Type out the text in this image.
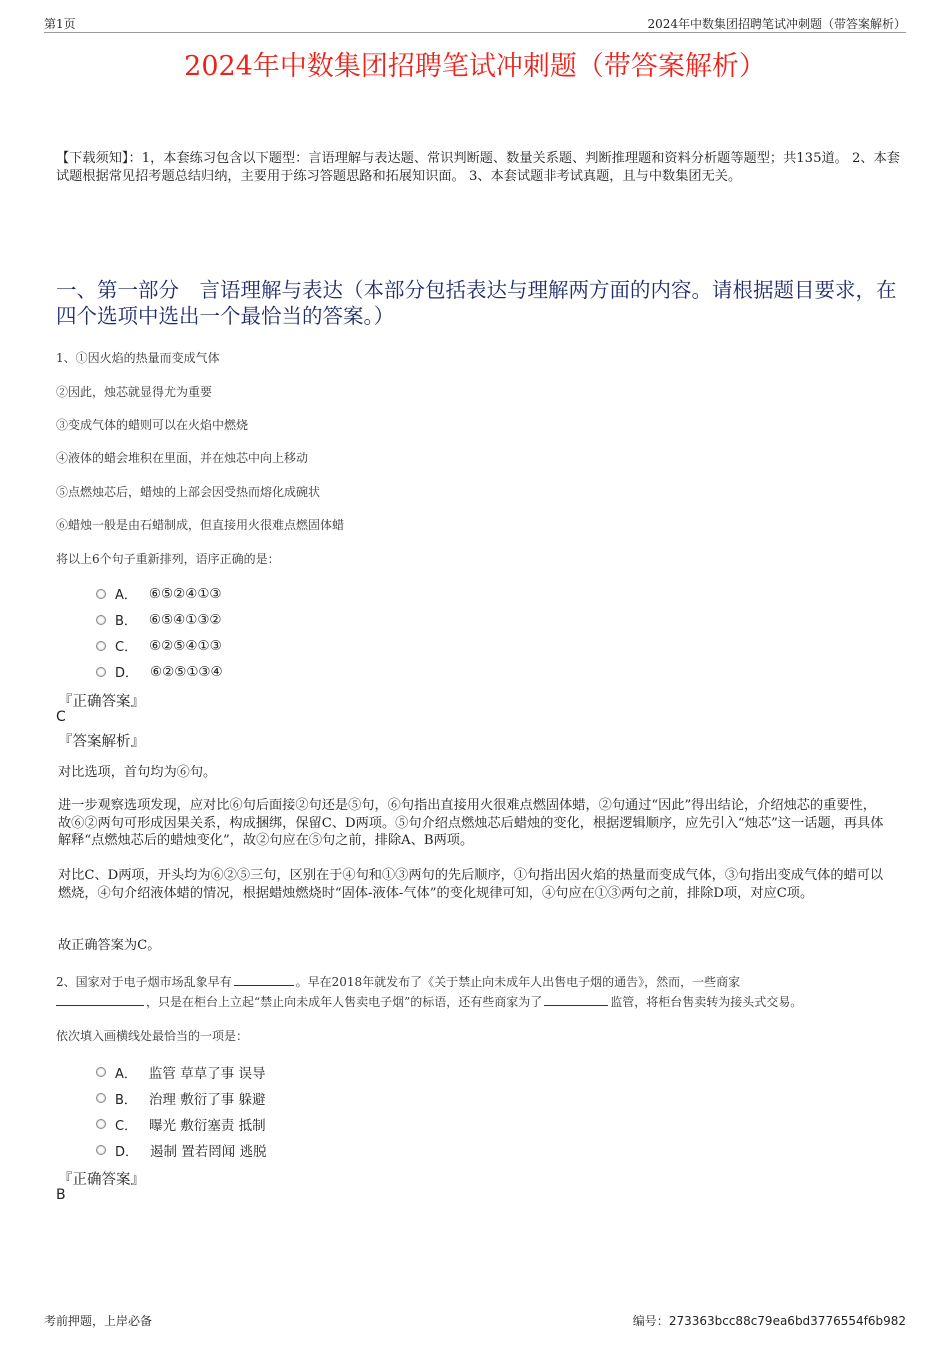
第1页	2024年中数集团招聘笔试冲刺题（带答案解析）
2024年中数集团招聘笔试冲刺题（带答案解析）
【下载须知】：1，本套练习包含以下题型：言语理解与表达题、常识判断题、数量关系题、判断推理题和资料分析题等题型；共135道。 2、本套试题根据常见招考题总结归纳，主要用于练习答题思路和拓展知识面。 3、本套试题非考试真题，且与中数集团无关。
一、第一部分　言语理解与表达（本部分包括表达与理解两方面的内容。请根据题目要求，在四个选项中选出一个最恰当的答案。）
1、①因火焰的热量而变成气体
②因此，烛芯就显得尤为重要
③变成气体的蜡则可以在火焰中燃烧
④液体的蜡会堆积在里面，并在烛芯中向上移动
⑤点燃烛芯后，蜡烛的上部会因受热而熔化成碗状
⑥蜡烛一般是由石蜡制成，但直接用火很难点燃固体蜡
将以上6个句子重新排列，语序正确的是：
A． ⑥⑤②④①③
B． ⑥⑤④①③②
C． ⑥②⑤④①③
D． ⑥②⑤①③④
『正确答案』
C
『答案解析』
对比选项，首句均为⑥句。
进一步观察选项发现，应对比⑥句后面接②句还是⑤句，⑥句指出直接用火很难点燃固体蜡，②句通过“因此”得出结论，介绍烛芯的重要性，故⑥②两句可形成因果关系，构成捆绑，保留C、D两项。⑤句介绍点燃烛芯后蜡烛的变化，根据逻辑顺序，应先引入“烛芯”这一话题，再具体解释“点燃烛芯后的蜡烛变化”，故②句应在⑤句之前，排除A、B两项。
对比C、D两项，开头均为⑥②⑤三句，区别在于④句和①③两句的先后顺序，①句指出因火焰的热量而变成气体，③句指出变成气体的蜡可以燃烧，④句介绍液体蜡的情况，根据蜡烛燃烧时“固体-液体-气体”的变化规律可知，④句应在①③两句之前，排除D项，对应C项。
故正确答案为C。
2、国家对于电子烟市场乱象早有	。早在2018年就发布了《关于禁止向未成年人出售电子烟的通告》，然而，一些商家
，只是在柜台上立起“禁止向未成年人售卖电子烟”的标语，还有些商家为了	监管，将柜台售卖转为接头式交易。
依次填入画横线处最恰当的一项是：
A． 监管 草草了事 误导
B． 治理 敷衍了事 躲避
C． 曝光 敷衍塞责 抵制
D． 遏制 置若罔闻 逃脱
『正确答案』
B
考前押题，上岸必备	编号：273363bcc88c79ea6bd3776554f6b982
